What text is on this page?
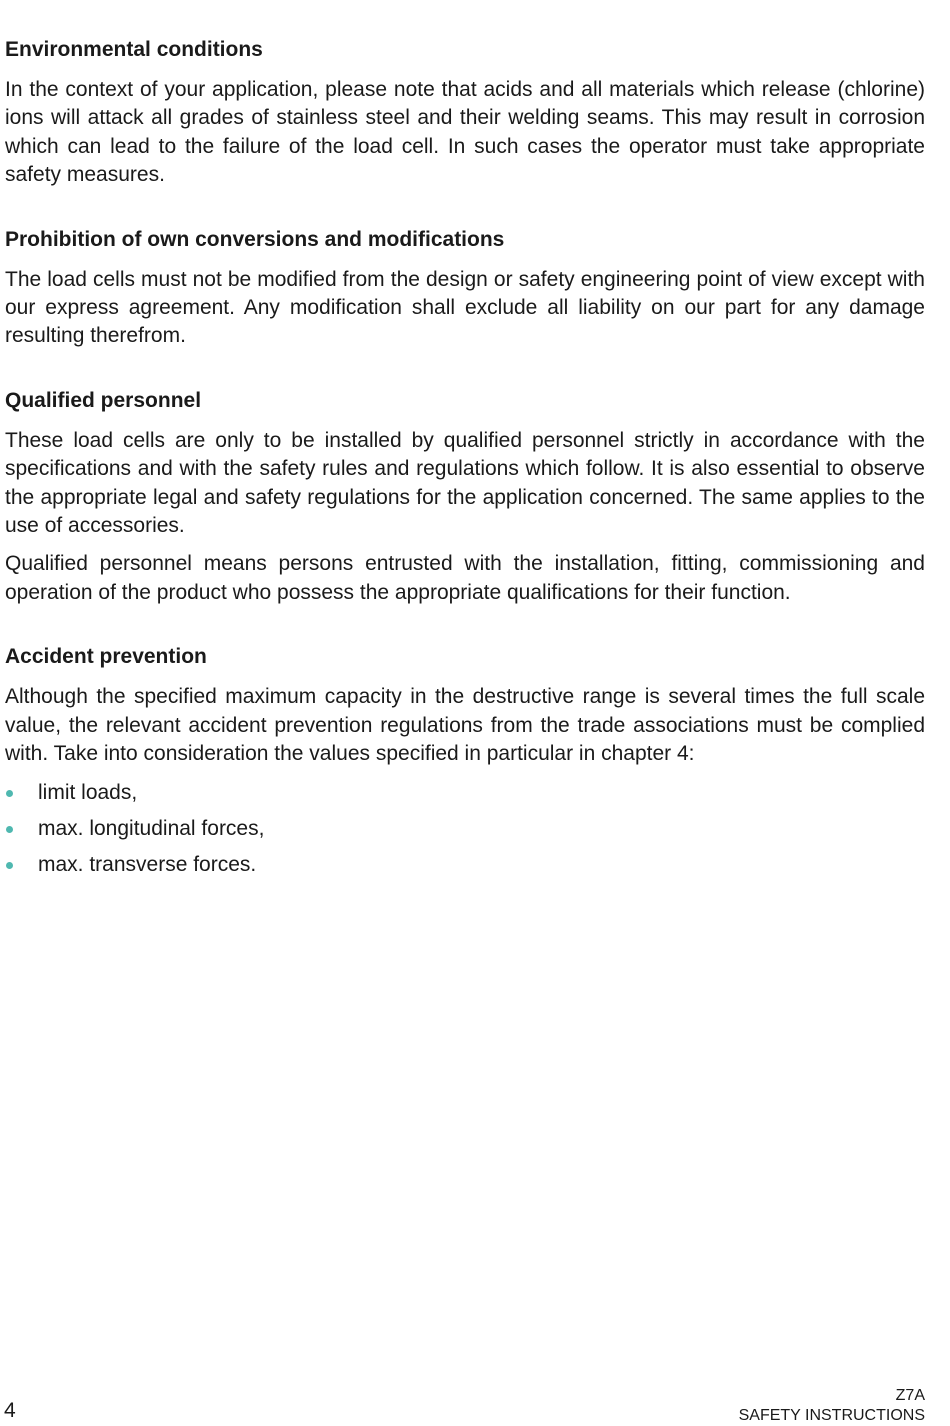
Environmental conditions

In the context of your application, please note that acids and all materials which release (chlorine) ions will attack all grades of stainless steel and their welding seams. This may result in corrosion which can lead to the failure of the load cell. In such cases the operator must take appropriate safety measures.

Prohibition of own conversions and modifications

The load cells must not be modified from the design or safety engineering point of view except with our express agreement. Any modification shall exclude all liability on our part for any damage resulting therefrom.

Qualified personnel

These load cells are only to be installed by qualified personnel strictly in accordance with the specifications and with the safety rules and regulations which follow. It is also essential to observe the appropriate legal and safety regulations for the application concerned. The same applies to the use of accessories.

Qualified personnel means persons entrusted with the installation, fitting, commissioning and operation of the product who possess the appropriate qualifications for their function.

Accident prevention

Although the specified maximum capacity in the destructive range is several times the full scale value, the relevant accident prevention regulations from the trade associations must be complied with. Take into consideration the values specified in particular in chapter 4:

limit loads,
max. longitudinal forces,
max. transverse forces.
4
Z7A
SAFETY INSTRUCTIONS
